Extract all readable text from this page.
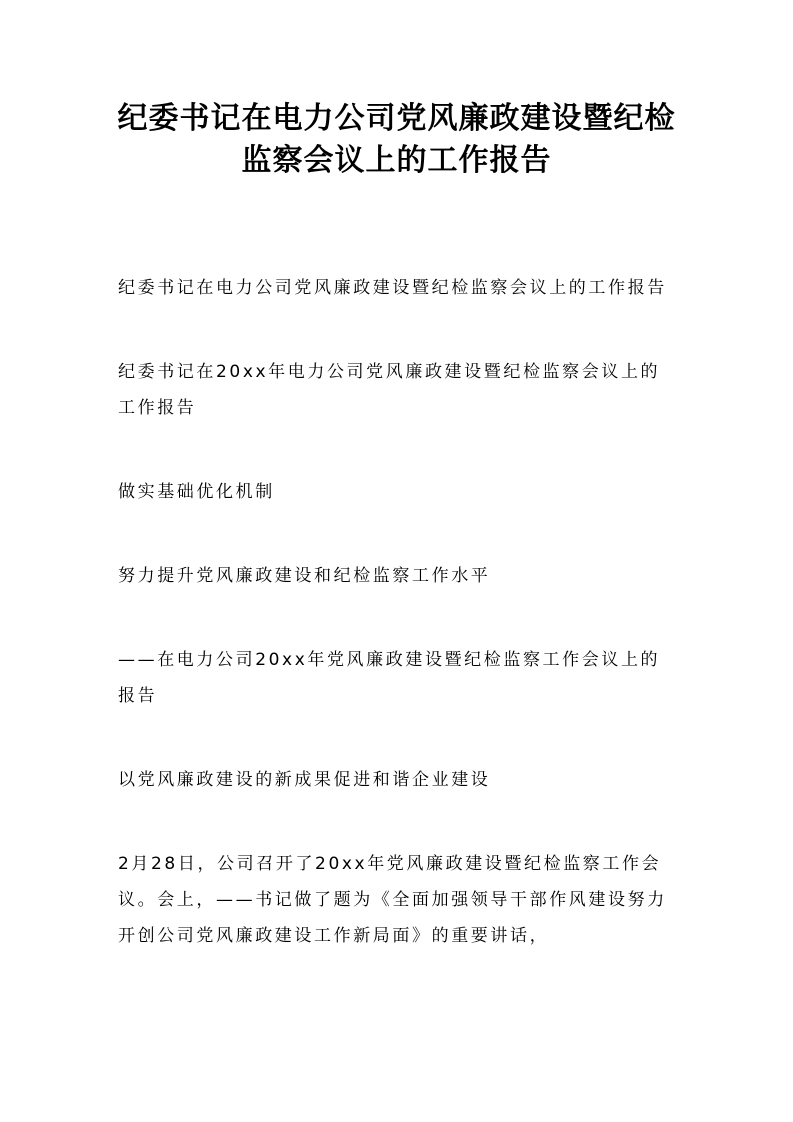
纪委书记在电力公司党风廉政建设暨纪检监察会议上的工作报告

纪委书记在电力公司党风廉政建设暨纪检监察会议上的工作报告

纪委书记在20xx年电力公司党风廉政建设暨纪检监察会议上的工作报告

做实基础优化机制

努力提升党风廉政建设和纪检监察工作水平

——在电力公司20xx年党风廉政建设暨纪检监察工作会议上的报告

以党风廉政建设的新成果促进和谐企业建设

2月28日，公司召开了20xx年党风廉政建设暨纪检监察工作会议。会上，——书记做了题为《全面加强领导干部作风建设努力开创公司党风廉政建设工作新局面》的重要讲话，
